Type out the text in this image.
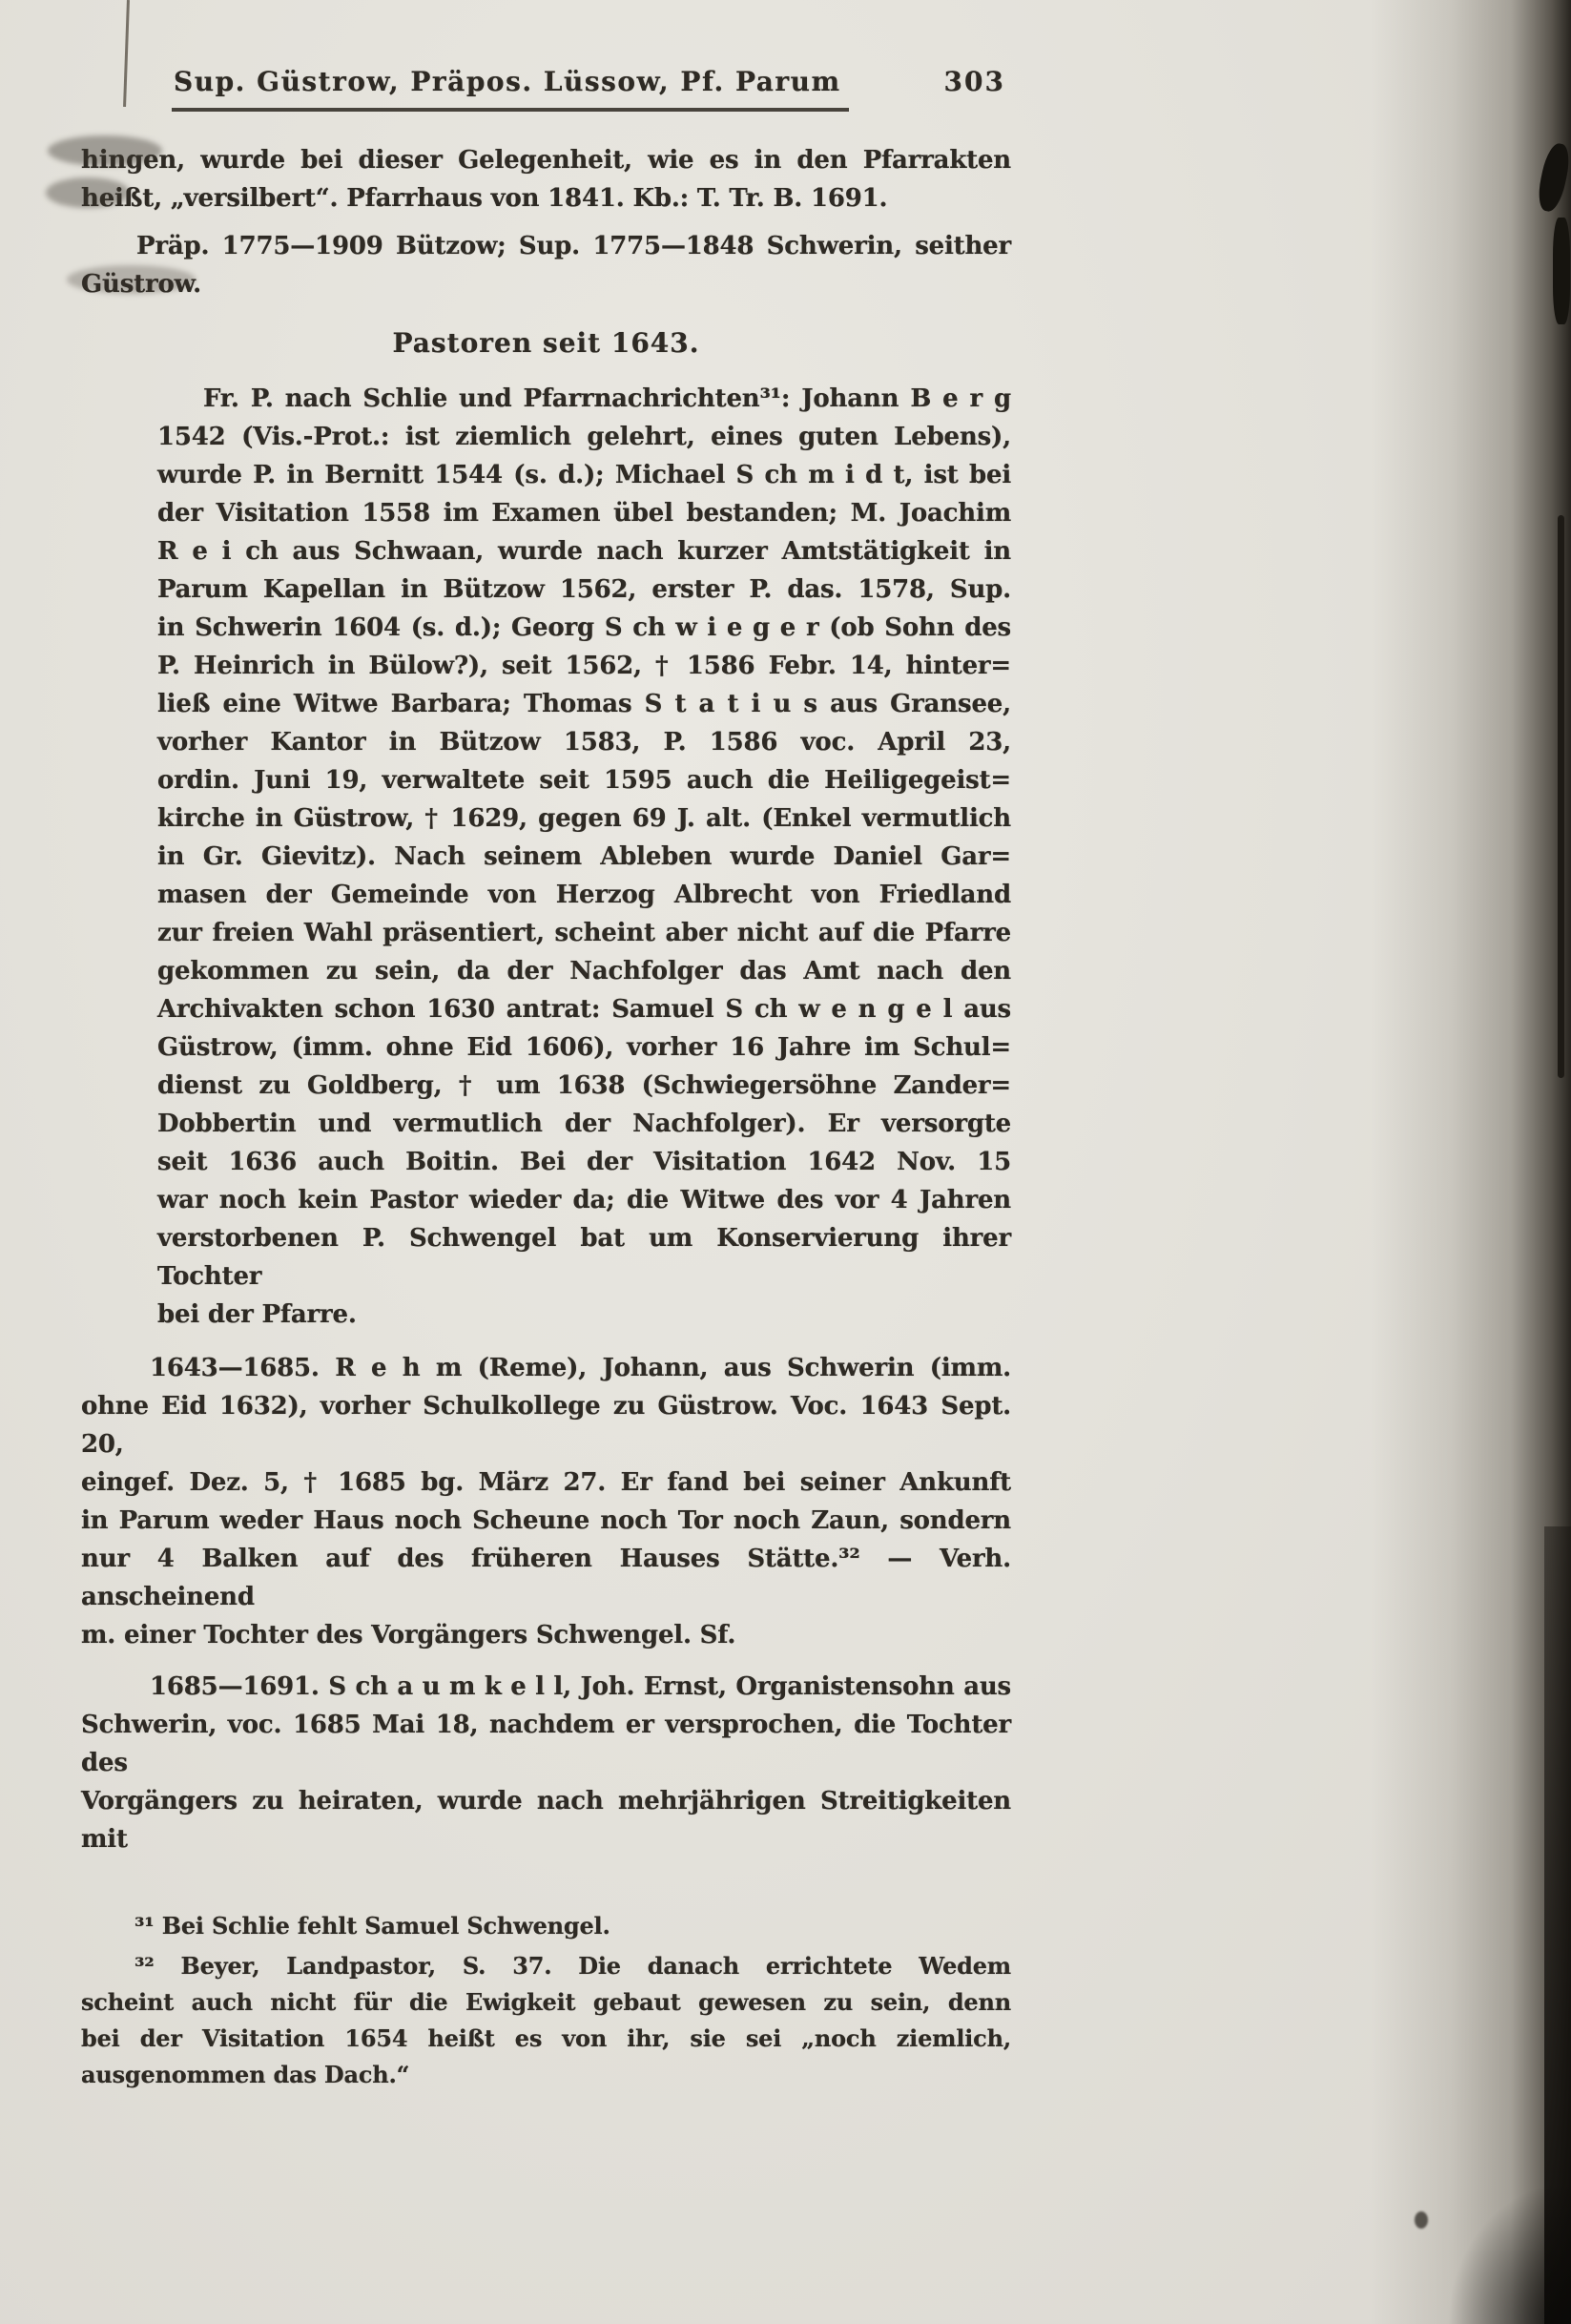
Sup. Güstrow, Präpos. Lüssow, Pf. Parum	303
hingen, wurde bei dieser Gelegenheit, wie es in den Pfarrakten
heißt, „versilbert“. Pfarrhaus von 1841. Kb.: T. Tr. B. 1691.
Präp. 1775—1909 Bützow; Sup. 1775—1848 Schwerin, seither
Güstrow.
Pastoren seit 1643.
Fr. P. nach Schlie und Pfarrnachrichten³¹: Johann B e r g
1542 (Vis.-Prot.: ist ziemlich gelehrt, eines guten Lebens),
wurde P. in Bernitt 1544 (s. d.); Michael S ch m i d t, ist bei
der Visitation 1558 im Examen übel bestanden; M. Joachim
R e i ch aus Schwaan, wurde nach kurzer Amtstätigkeit in
Parum Kapellan in Bützow 1562, erster P. das. 1578, Sup.
in Schwerin 1604 (s. d.); Georg S ch w i e g e r (ob Sohn des
P. Heinrich in Bülow?), seit 1562, † 1586 Febr. 14, hinter=
ließ eine Witwe Barbara; Thomas S t a t i u s aus Gransee,
vorher Kantor in Bützow 1583, P. 1586 voc. April 23,
ordin. Juni 19, verwaltete seit 1595 auch die Heiligegeist=
kirche in Güstrow, † 1629, gegen 69 J. alt. (Enkel vermutlich
in Gr. Gievitz). Nach seinem Ableben wurde Daniel Gar=
masen der Gemeinde von Herzog Albrecht von Friedland
zur freien Wahl präsentiert, scheint aber nicht auf die Pfarre
gekommen zu sein, da der Nachfolger das Amt nach den
Archivakten schon 1630 antrat: Samuel S ch w e n g e l aus
Güstrow, (imm. ohne Eid 1606), vorher 16 Jahre im Schul=
dienst zu Goldberg, † um 1638 (Schwiegersöhne Zander=
Dobbertin und vermutlich der Nachfolger). Er versorgte
seit 1636 auch Boitin. Bei der Visitation 1642 Nov. 15
war noch kein Pastor wieder da; die Witwe des vor 4 Jahren
verstorbenen P. Schwengel bat um Konservierung ihrer Tochter
bei der Pfarre.
1643—1685. R e h m (Reme), Johann, aus Schwerin (imm.
ohne Eid 1632), vorher Schulkollege zu Güstrow. Voc. 1643 Sept. 20,
eingef. Dez. 5, † 1685 bg. März 27. Er fand bei seiner Ankunft
in Parum weder Haus noch Scheune noch Tor noch Zaun, sondern
nur 4 Balken auf des früheren Hauses Stätte.³² — Verh. anscheinend
m. einer Tochter des Vorgängers Schwengel. Sf.
1685—1691. S ch a u m k e l l, Joh. Ernst, Organistensohn aus
Schwerin, voc. 1685 Mai 18, nachdem er versprochen, die Tochter des
Vorgängers zu heiraten, wurde nach mehrjährigen Streitigkeiten mit
³¹ Bei Schlie fehlt Samuel Schwengel.
³² Beyer, Landpastor, S. 37. Die danach errichtete Wedem
scheint auch nicht für die Ewigkeit gebaut gewesen zu sein, denn
bei der Visitation 1654 heißt es von ihr, sie sei „noch ziemlich,
ausgenommen das Dach.“
